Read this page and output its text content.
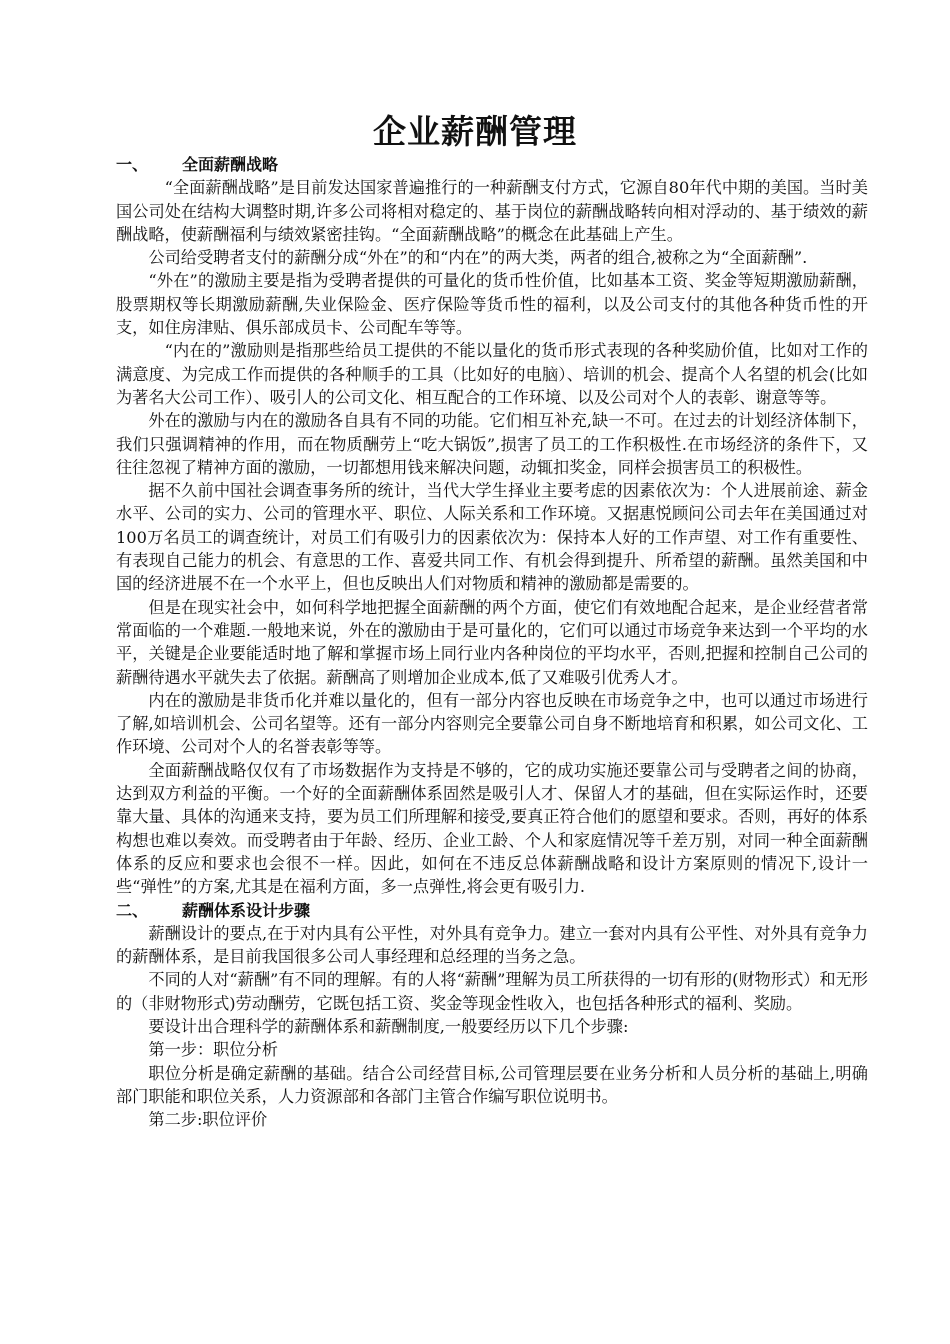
企业薪酬管理
一、 全面薪酬战略

“全面薪酬战略”是目前发达国家普遍推行的一种薪酬支付方式，它源自80年代中期的美国。当时美国公司处在结构大调整时期,许多公司将相对稳定的、基于岗位的薪酬战略转向相对浮动的、基于绩效的薪酬战略，使薪酬福利与绩效紧密挂钩。“全面薪酬战略”的概念在此基础上产生。

公司给受聘者支付的薪酬分成“外在”的和“内在”的两大类，两者的组合,被称之为“全面薪酬”.

“外在”的激励主要是指为受聘者提供的可量化的货币性价值，比如基本工资、奖金等短期激励薪酬，股票期权等长期激励薪酬,失业保险金、医疗保险等货币性的福利，以及公司支付的其他各种货币性的开支，如住房津贴、俱乐部成员卡、公司配车等等。

“内在的”激励则是指那些给员工提供的不能以量化的货币形式表现的各种奖励价值，比如对工作的满意度、为完成工作而提供的各种顺手的工具（比如好的电脑）、培训的机会、提高个人名望的机会(比如为著名大公司工作）、吸引人的公司文化、相互配合的工作环境、以及公司对个人的表彰、谢意等等。

外在的激励与内在的激励各自具有不同的功能。它们相互补充,缺一不可。在过去的计划经济体制下，我们只强调精神的作用，而在物质酬劳上“吃大锅饭”,损害了员工的工作积极性.在市场经济的条件下，又往往忽视了精神方面的激励，一切都想用钱来解决问题，动辄扣奖金，同样会损害员工的积极性。

据不久前中国社会调查事务所的统计，当代大学生择业主要考虑的因素依次为：个人进展前途、薪金水平、公司的实力、公司的管理水平、职位、人际关系和工作环境。又据惠悦顾问公司去年在美国通过对100万名员工的调查统计，对员工们有吸引力的因素依次为：保持本人好的工作声望、对工作有重要性、有表现自己能力的机会、有意思的工作、喜爱共同工作、有机会得到提升、所希望的薪酬。虽然美国和中国的经济进展不在一个水平上，但也反映出人们对物质和精神的激励都是需要的。

但是在现实社会中，如何科学地把握全面薪酬的两个方面，使它们有效地配合起来，是企业经营者常常面临的一个难题.一般地来说，外在的激励由于是可量化的，它们可以通过市场竞争来达到一个平均的水平，关键是企业要能适时地了解和掌握市场上同行业内各种岗位的平均水平，否则,把握和控制自己公司的薪酬待遇水平就失去了依据。薪酬高了则增加企业成本,低了又难吸引优秀人才。

内在的激励是非货币化并难以量化的，但有一部分内容也反映在市场竞争之中，也可以通过市场进行了解,如培训机会、公司名望等。还有一部分内容则完全要靠公司自身不断地培育和积累，如公司文化、工作环境、公司对个人的名誉表彰等等。

全面薪酬战略仅仅有了市场数据作为支持是不够的，它的成功实施还要靠公司与受聘者之间的协商，达到双方利益的平衡。一个好的全面薪酬体系固然是吸引人才、保留人才的基础，但在实际运作时，还要靠大量、具体的沟通来支持，要为员工们所理解和接受,要真正符合他们的愿望和要求。否则，再好的体系构想也难以奏效。而受聘者由于年龄、经历、企业工龄、个人和家庭情况等千差万别，对同一种全面薪酬体系的反应和要求也会很不一样。因此，如何在不违反总体薪酬战略和设计方案原则的情况下,设计一些“弹性”的方案,尤其是在福利方面，多一点弹性,将会更有吸引力.

二、 薪酬体系设计步骤

薪酬设计的要点,在于对内具有公平性，对外具有竞争力。建立一套对内具有公平性、对外具有竞争力的薪酬体系，是目前我国很多公司人事经理和总经理的当务之急。

不同的人对“薪酬”有不同的理解。有的人将“薪酬”理解为员工所获得的一切有形的(财物形式）和无形的（非财物形式)劳动酬劳，它既包括工资、奖金等现金性收入，也包括各种形式的福利、奖励。

要设计出合理科学的薪酬体系和薪酬制度,一般要经历以下几个步骤:

第一步：职位分析

职位分析是确定薪酬的基础。结合公司经营目标,公司管理层要在业务分析和人员分析的基础上,明确部门职能和职位关系，人力资源部和各部门主管合作编写职位说明书。

第二步:职位评价
